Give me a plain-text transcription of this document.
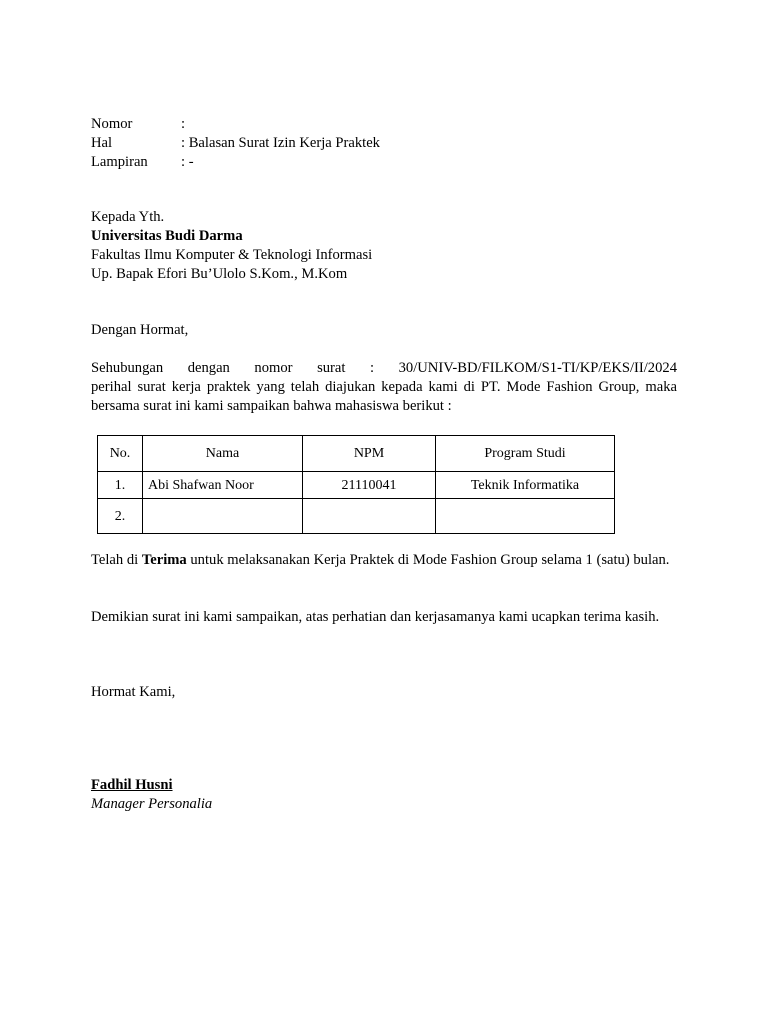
Nomor	:
Hal	: Balasan Surat Izin Kerja Praktek
Lampiran	: -
Kepada Yth.
Universitas Budi Darma
Fakultas Ilmu Komputer & Teknologi Informasi
Up. Bapak Efori Bu’Ulolo S.Kom., M.Kom
Dengan Hormat,
Sehubungan dengan nomor surat : 30/UNIV-BD/FILKOM/S1-TI/KP/EKS/II/2024
perihal surat kerja praktek yang telah diajukan kepada kami di PT. Mode Fashion Group, maka bersama surat ini kami sampaikan bahwa mahasiswa berikut :
No.	Nama	NPM	Program Studi
1.	Abi Shafwan Noor	21110041	Teknik Informatika
2.			
Telah di Terima untuk melaksanakan Kerja Praktek di Mode Fashion Group selama 1 (satu) bulan.
Demikian surat ini kami sampaikan, atas perhatian dan kerjasamanya kami ucapkan terima kasih.
Hormat Kami,
Fadhil Husni
Manager Personalia
